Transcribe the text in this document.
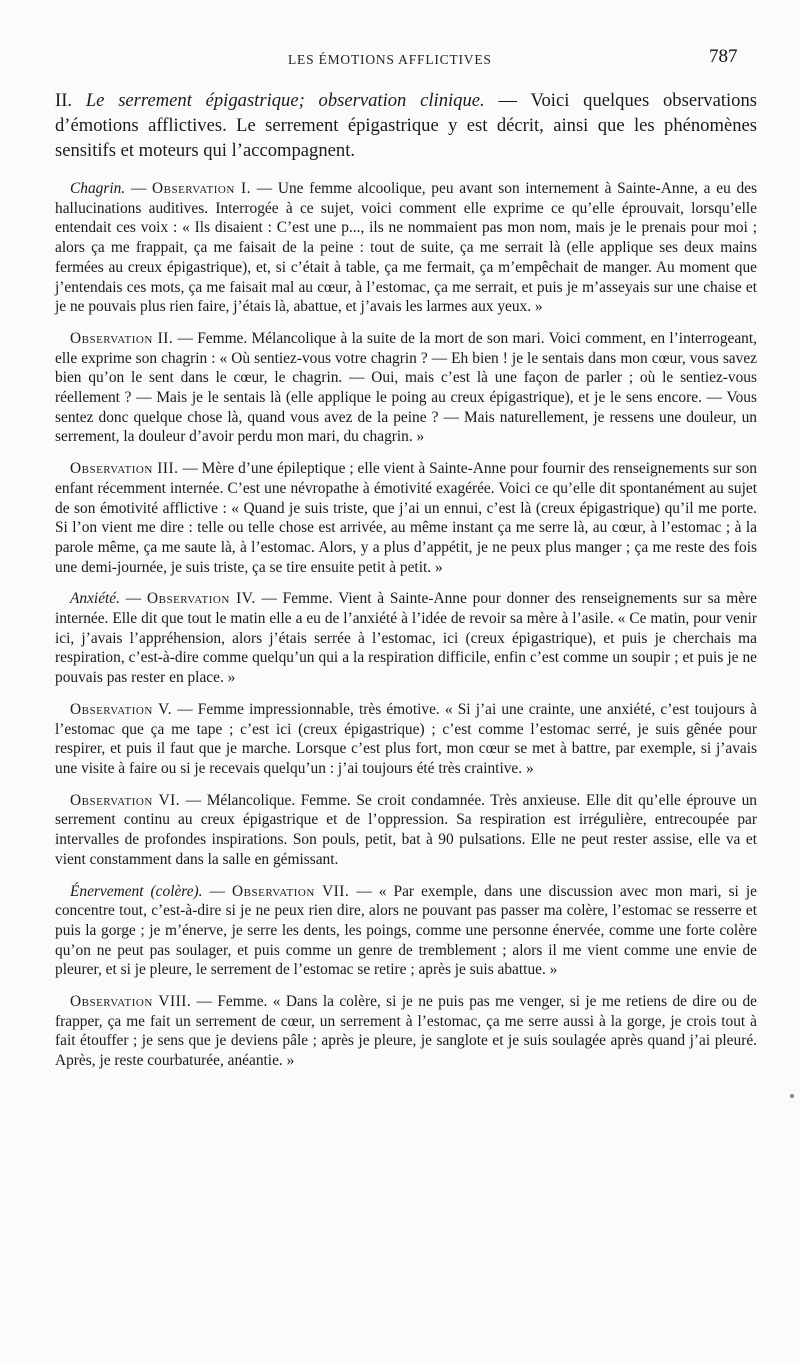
LES ÉMOTIONS AFFLICTIVES	787

II. Le serrement épigastrique; observation clinique. — Voici quelques observations d’émotions afflictives. Le serrement épigastrique y est décrit, ainsi que les phénomènes sensitifs et moteurs qui l’accompagnent.

Chagrin. — Observation I. — Une femme alcoolique, peu avant son internement à Sainte-Anne, a eu des hallucinations auditives. Interrogée à ce sujet, voici comment elle exprime ce qu’elle éprouvait, lorsqu’elle entendait ces voix : « Ils disaient : C’est une p..., ils ne nommaient pas mon nom, mais je le prenais pour moi ; alors ça me frappait, ça me faisait de la peine : tout de suite, ça me serrait là (elle applique ses deux mains fermées au creux épigastrique), et, si c’était à table, ça me fermait, ça m’empêchait de manger. Au moment que j’entendais ces mots, ça me faisait mal au cœur, à l’estomac, ça me serrait, et puis je m’asseyais sur une chaise et je ne pouvais plus rien faire, j’étais là, abattue, et j’avais les larmes aux yeux. »

Observation II. — Femme. Mélancolique à la suite de la mort de son mari. Voici comment, en l’interrogeant, elle exprime son chagrin : « Où sentiez-vous votre chagrin ? — Eh bien ! je le sentais dans mon cœur, vous savez bien qu’on le sent dans le cœur, le chagrin. — Oui, mais c’est là une façon de parler ; où le sentiez-vous réellement ? — Mais je le sentais là (elle applique le poing au creux épigastrique), et je le sens encore. — Vous sentez donc quelque chose là, quand vous avez de la peine ? — Mais naturellement, je ressens une douleur, un serrement, la douleur d’avoir perdu mon mari, du chagrin. »

Observation III. — Mère d’une épileptique ; elle vient à Sainte-Anne pour fournir des renseignements sur son enfant récemment internée. C’est une névropathe à émotivité exagérée. Voici ce qu’elle dit spontanément au sujet de son émotivité afflictive : « Quand je suis triste, que j’ai un ennui, c’est là (creux épigastrique) qu’il me porte. Si l’on vient me dire : telle ou telle chose est arrivée, au même instant ça me serre là, au cœur, à l’estomac ; à la parole même, ça me saute là, à l’estomac. Alors, y a plus d’appétit, je ne peux plus manger ; ça me reste des fois une demi-journée, je suis triste, ça se tire ensuite petit à petit. »

Anxiété. — Observation IV. — Femme. Vient à Sainte-Anne pour donner des renseignements sur sa mère internée. Elle dit que tout le matin elle a eu de l’anxiété à l’idée de revoir sa mère à l’asile. « Ce matin, pour venir ici, j’avais l’appréhension, alors j’étais serrée à l’estomac, ici (creux épigastrique), et puis je cherchais ma respiration, c’est-à-dire comme quelqu’un qui a la respiration difficile, enfin c’est comme un soupir ; et puis je ne pouvais pas rester en place. »

Observation V. — Femme impressionnable, très émotive. « Si j’ai une crainte, une anxiété, c’est toujours à l’estomac que ça me tape ; c’est ici (creux épigastrique) ; c’est comme l’estomac serré, je suis gênée pour respirer, et puis il faut que je marche. Lorsque c’est plus fort, mon cœur se met à battre, par exemple, si j’avais une visite à faire ou si je recevais quelqu’un : j’ai toujours été très craintive. »

Observation VI. — Mélancolique. Femme. Se croit condamnée. Très anxieuse. Elle dit qu’elle éprouve un serrement continu au creux épigastrique et de l’oppression. Sa respiration est irrégulière, entrecoupée par intervalles de profondes inspirations. Son pouls, petit, bat à 90 pulsations. Elle ne peut rester assise, elle va et vient constamment dans la salle en gémissant.

Énervement (colère). — Observation VII. — « Par exemple, dans une discussion avec mon mari, si je concentre tout, c’est-à-dire si je ne peux rien dire, alors ne pouvant pas passer ma colère, l’estomac se resserre et puis la gorge ; je m’énerve, je serre les dents, les poings, comme une personne énervée, comme une forte colère qu’on ne peut pas soulager, et puis comme un genre de tremblement ; alors il me vient comme une envie de pleurer, et si je pleure, le serrement de l’estomac se retire ; après je suis abattue. »

Observation VIII. — Femme. « Dans la colère, si je ne puis pas me venger, si je me retiens de dire ou de frapper, ça me fait un serrement de cœur, un serrement à l’estomac, ça me serre aussi à la gorge, je crois tout à fait étouffer ; je sens que je deviens pâle ; après je pleure, je sanglote et je suis soulagée après quand j’ai pleuré. Après, je reste courbaturée, anéantie. »
